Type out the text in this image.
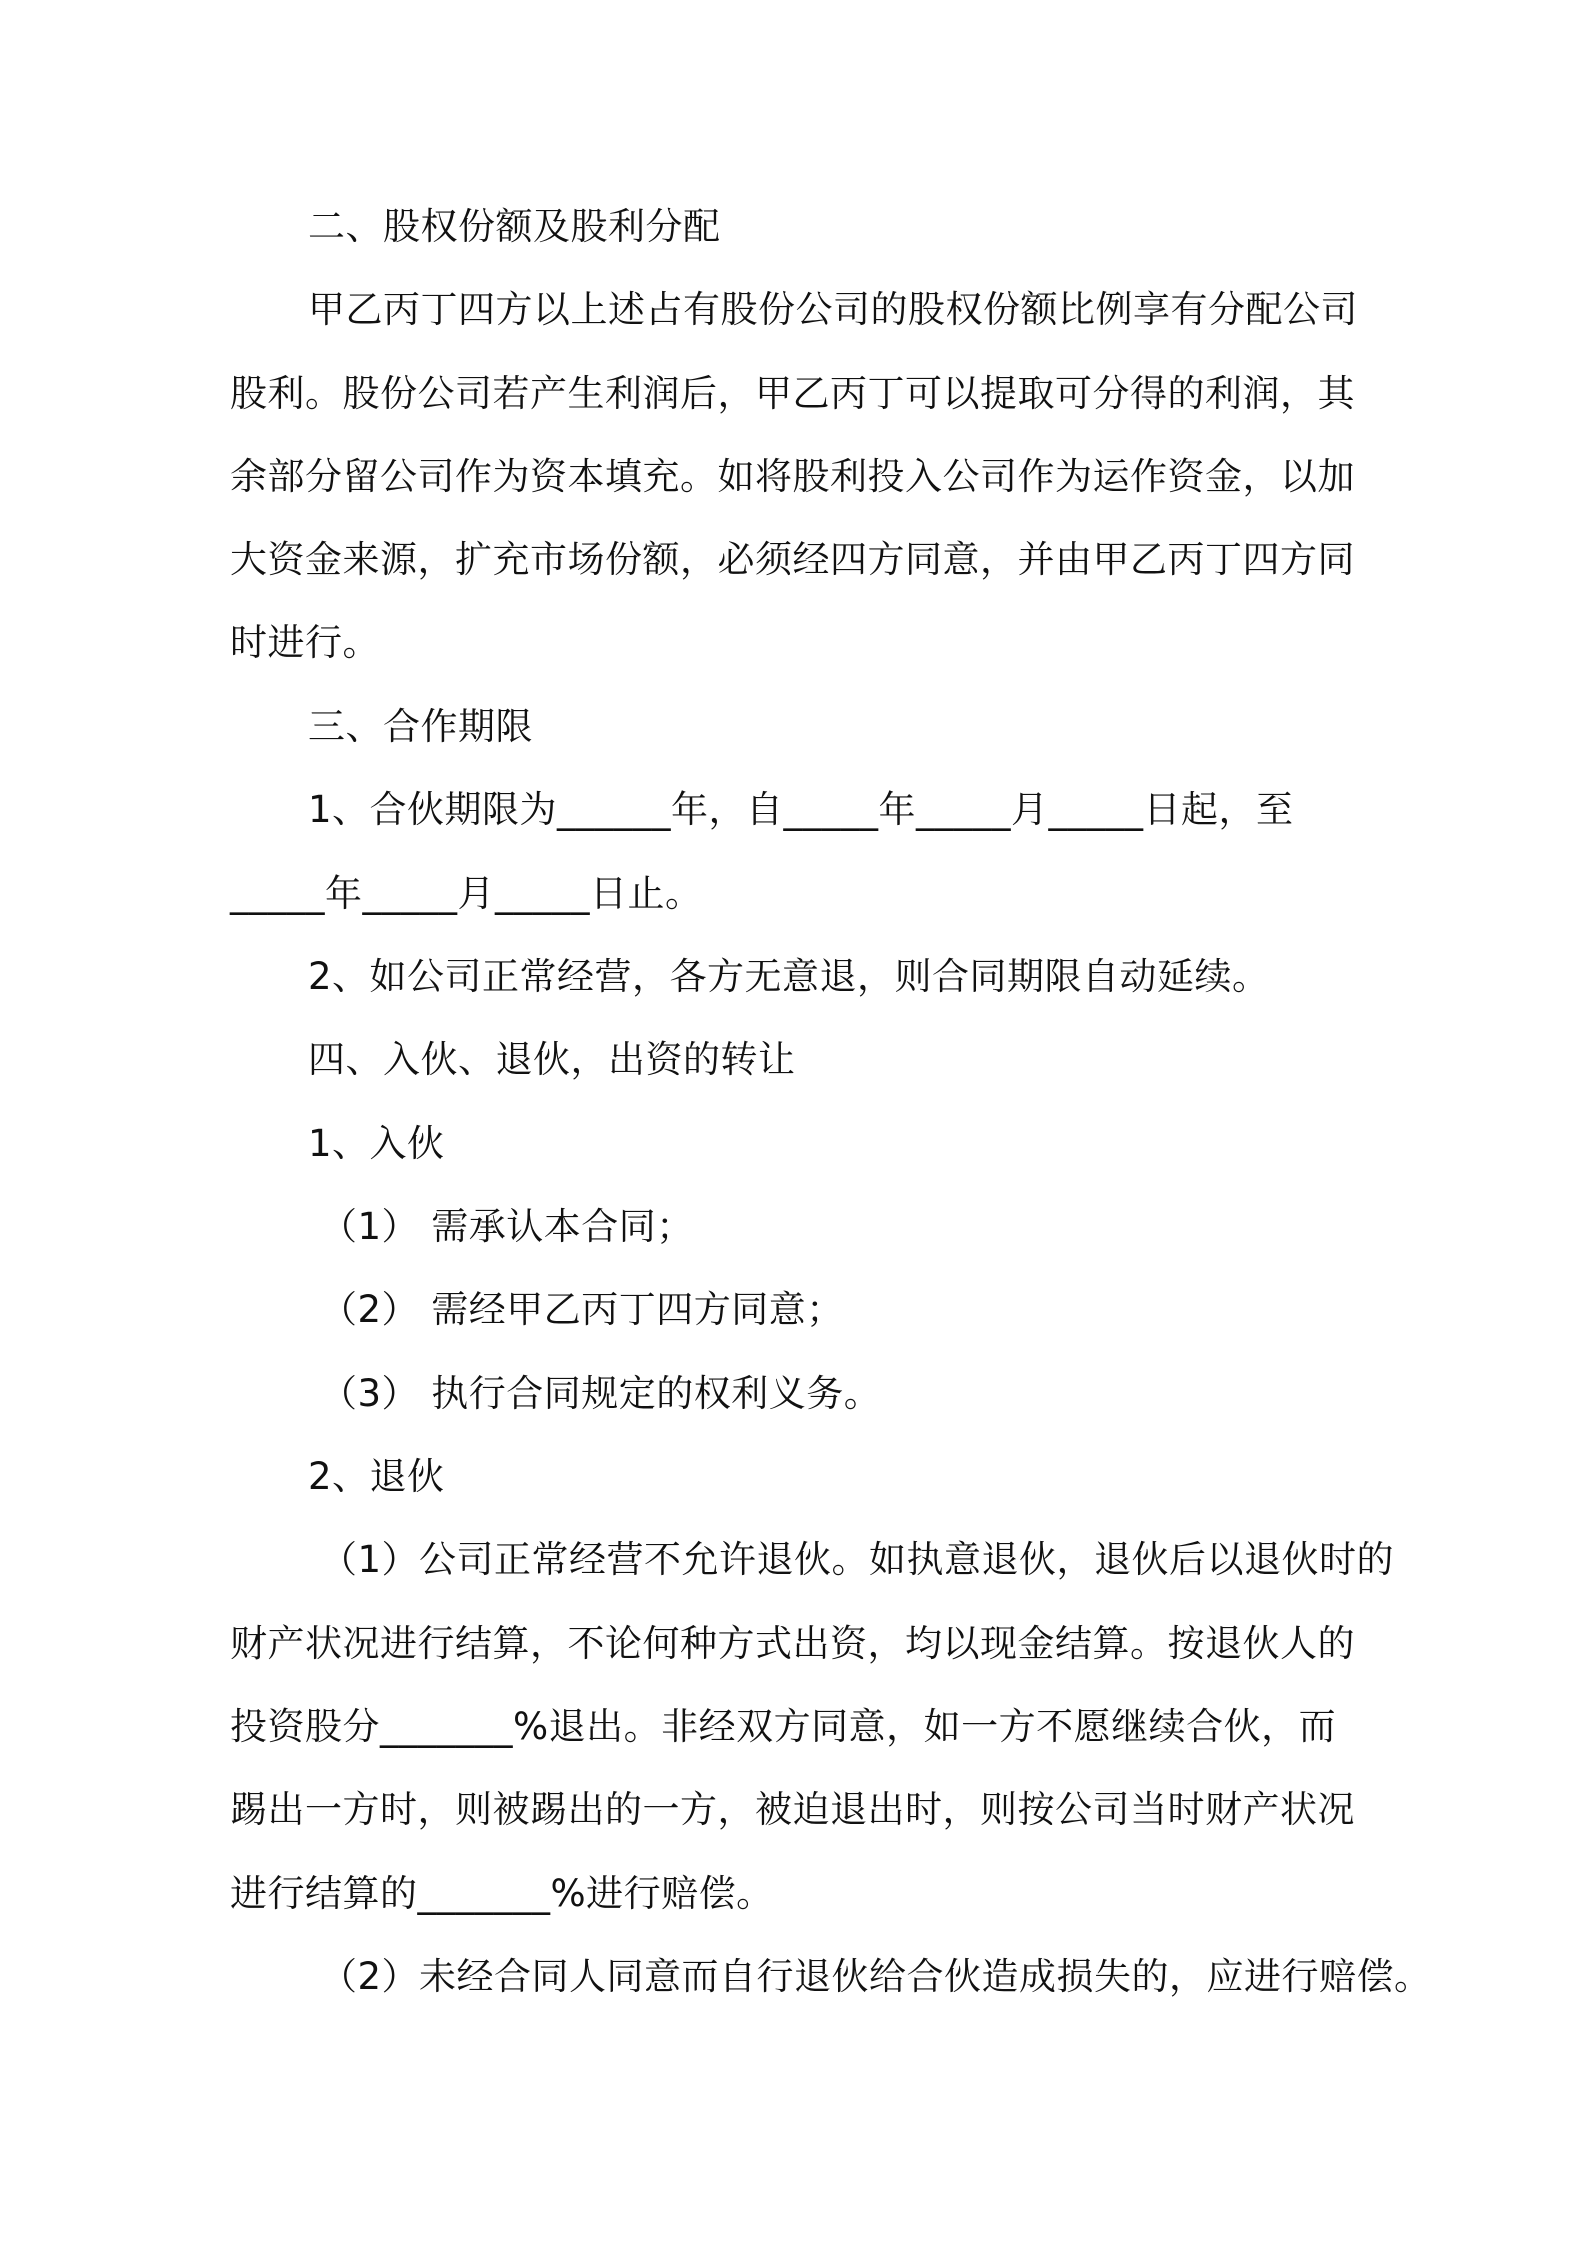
二、股权份额及股利分配
甲乙丙丁四方以上述占有股份公司的股权份额比例享有分配公司
股利。股份公司若产生利润后，甲乙丙丁可以提取可分得的利润，其
余部分留公司作为资本填充。如将股利投入公司作为运作资金，以加
大资金来源，扩充市场份额，必须经四方同意，并由甲乙丙丁四方同
时进行。
三、合作期限
1、合伙期限为______年，自_____年_____月_____日起，至
_____年_____月_____日止。
2、如公司正常经营，各方无意退，则合同期限自动延续。
四、入伙、退伙，出资的转让
1、入伙
（1） 需承认本合同；
（2） 需经甲乙丙丁四方同意；
（3） 执行合同规定的权利义务。
2、退伙
（1）公司正常经营不允许退伙。如执意退伙，退伙后以退伙时的
财产状况进行结算，不论何种方式出资，均以现金结算。按退伙人的
投资股分_______%退出。非经双方同意，如一方不愿继续合伙，而
踢出一方时，则被踢出的一方，被迫退出时，则按公司当时财产状况
进行结算的_______%进行赔偿。
（2）未经合同人同意而自行退伙给合伙造成损失的，应进行赔偿。
